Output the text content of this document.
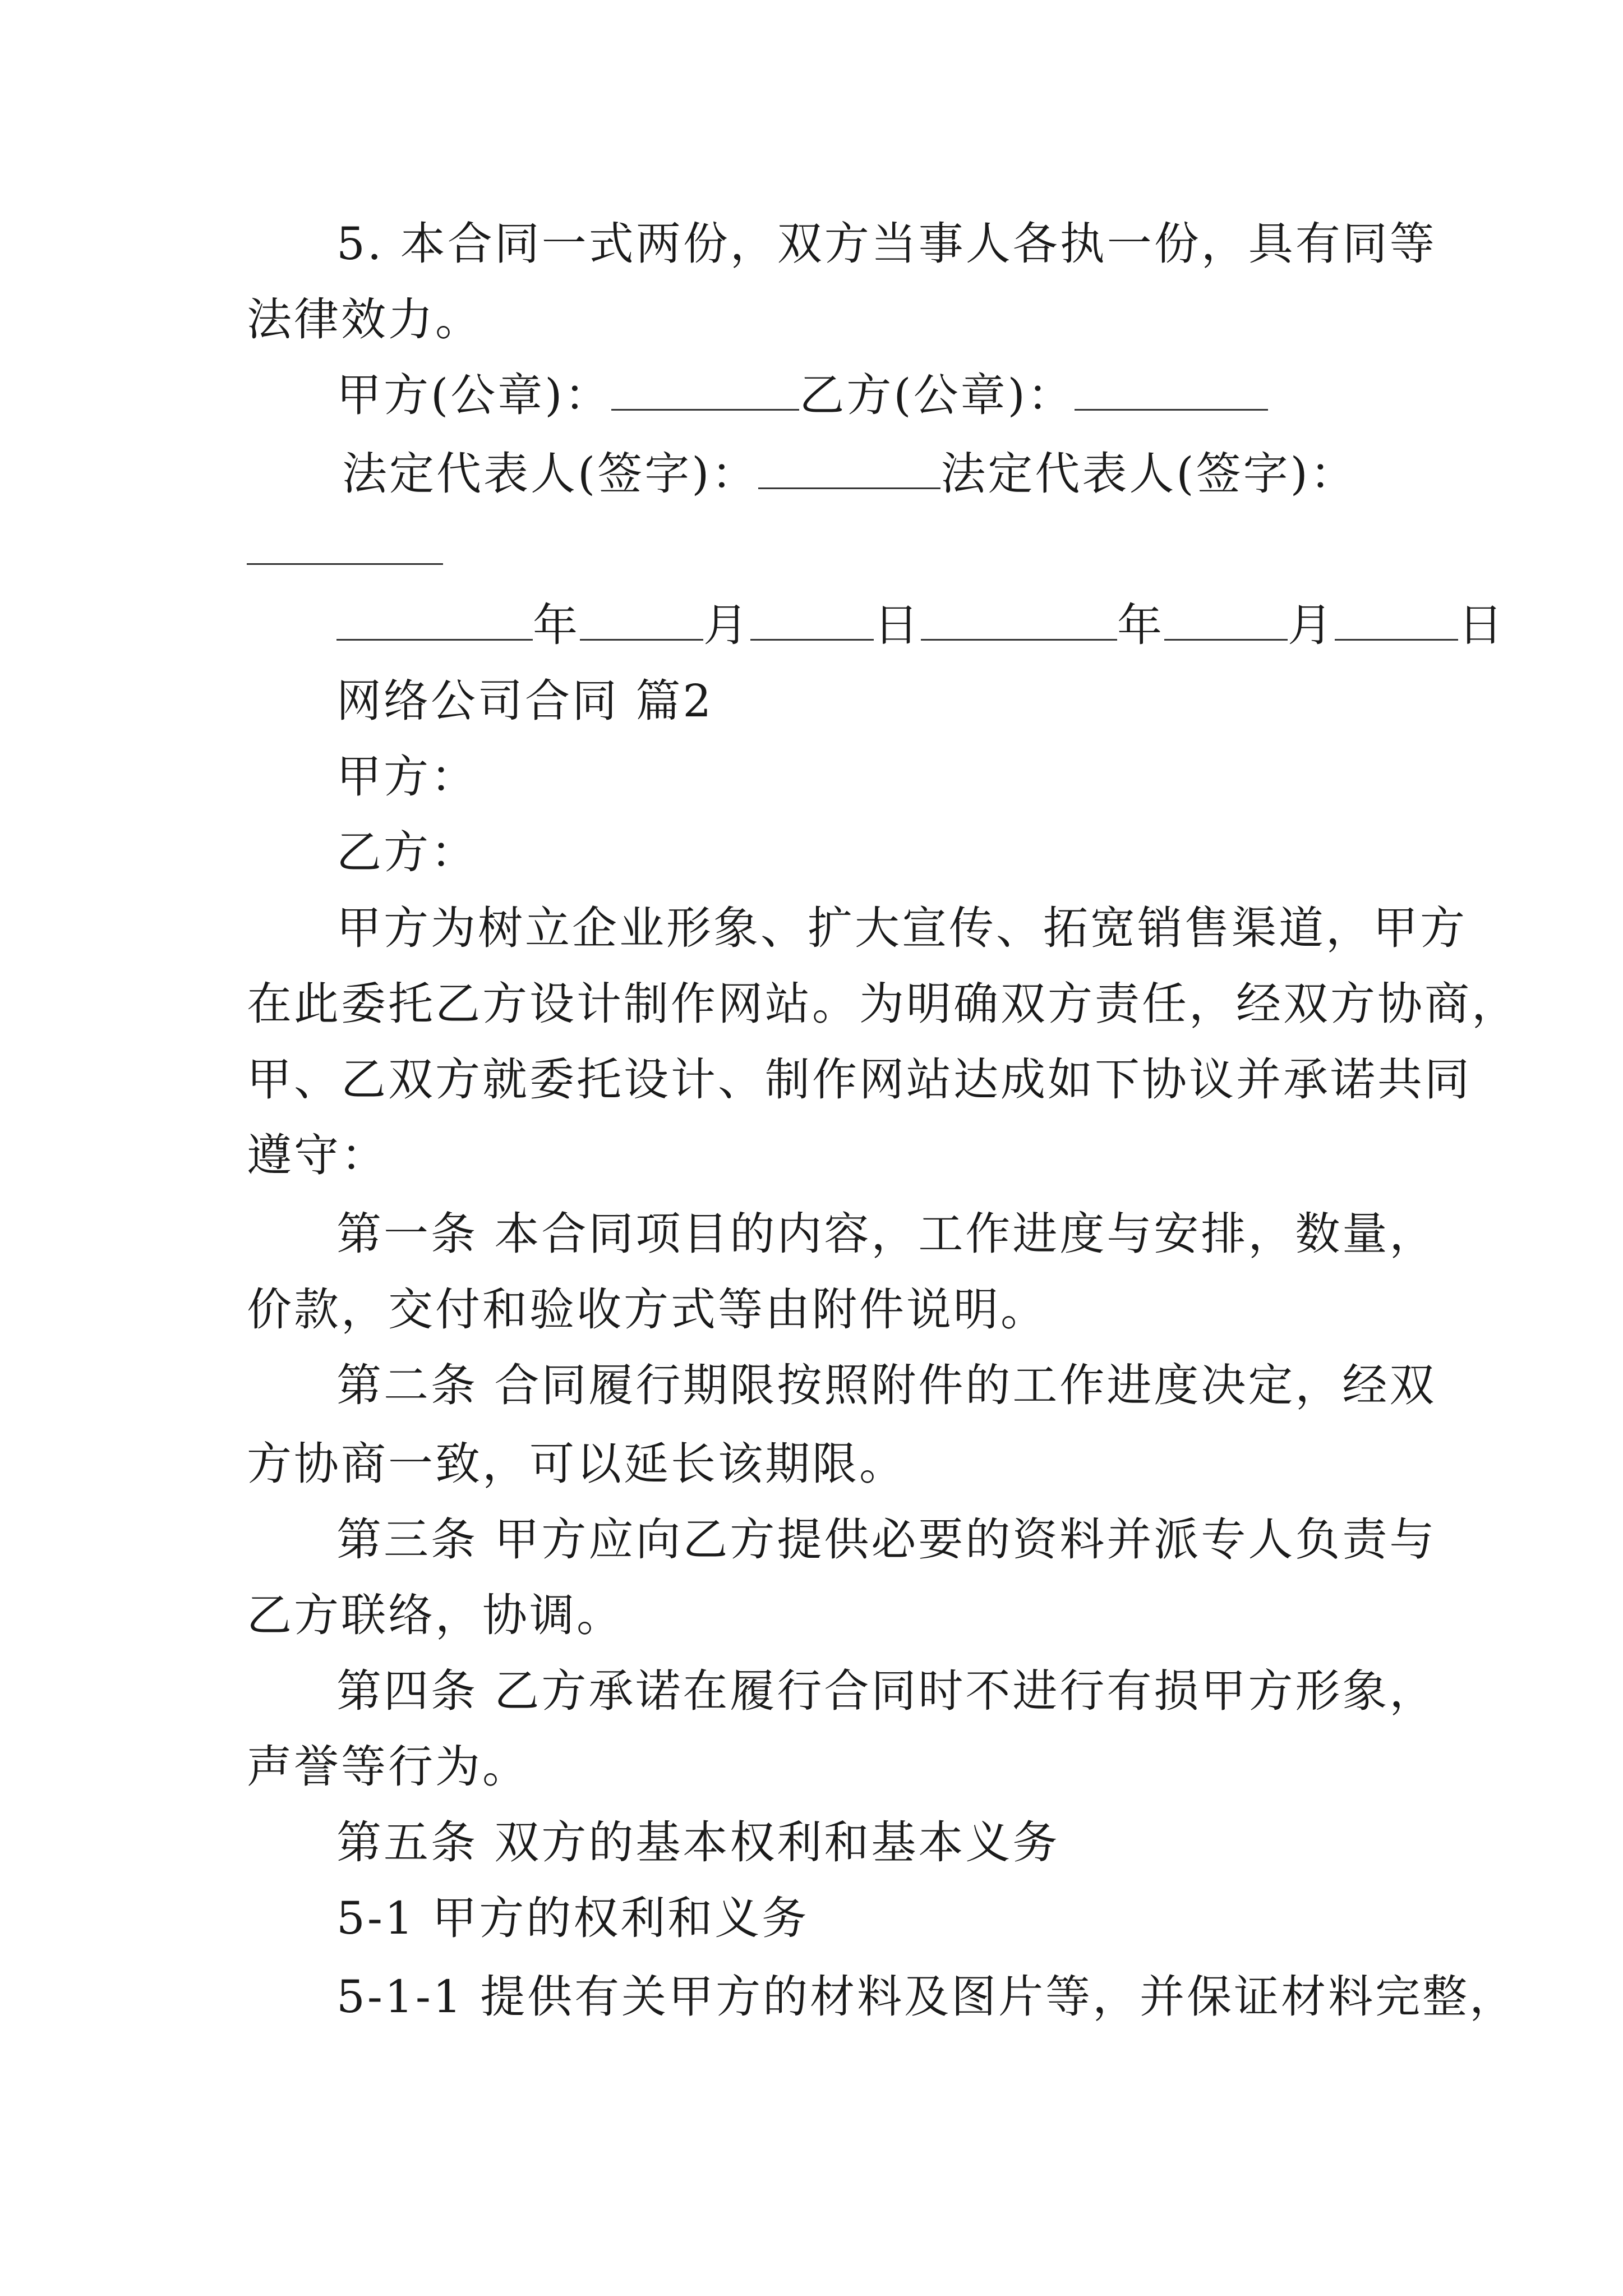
5. 本合同一式两份，双方当事人各执一份，具有同等
法律效力。
甲方(公章)：	乙方(公章)：
法定代表人(签字)：	法定代表人(签字)：
年	月	日	年	月	日
网络公司合同 篇2
甲方：
乙方：
甲方为树立企业形象、扩大宣传、拓宽销售渠道，甲方
在此委托乙方设计制作网站。为明确双方责任，经双方协商，
甲、乙双方就委托设计、制作网站达成如下协议并承诺共同
遵守：
第一条 本合同项目的内容，工作进度与安排，数量，
价款，交付和验收方式等由附件说明。
第二条 合同履行期限按照附件的工作进度决定，经双
方协商一致，可以延长该期限。
第三条 甲方应向乙方提供必要的资料并派专人负责与
乙方联络，协调。
第四条 乙方承诺在履行合同时不进行有损甲方形象，
声誉等行为。
第五条 双方的基本权利和基本义务
5-1 甲方的权利和义务
5-1-1 提供有关甲方的材料及图片等，并保证材料完整，
